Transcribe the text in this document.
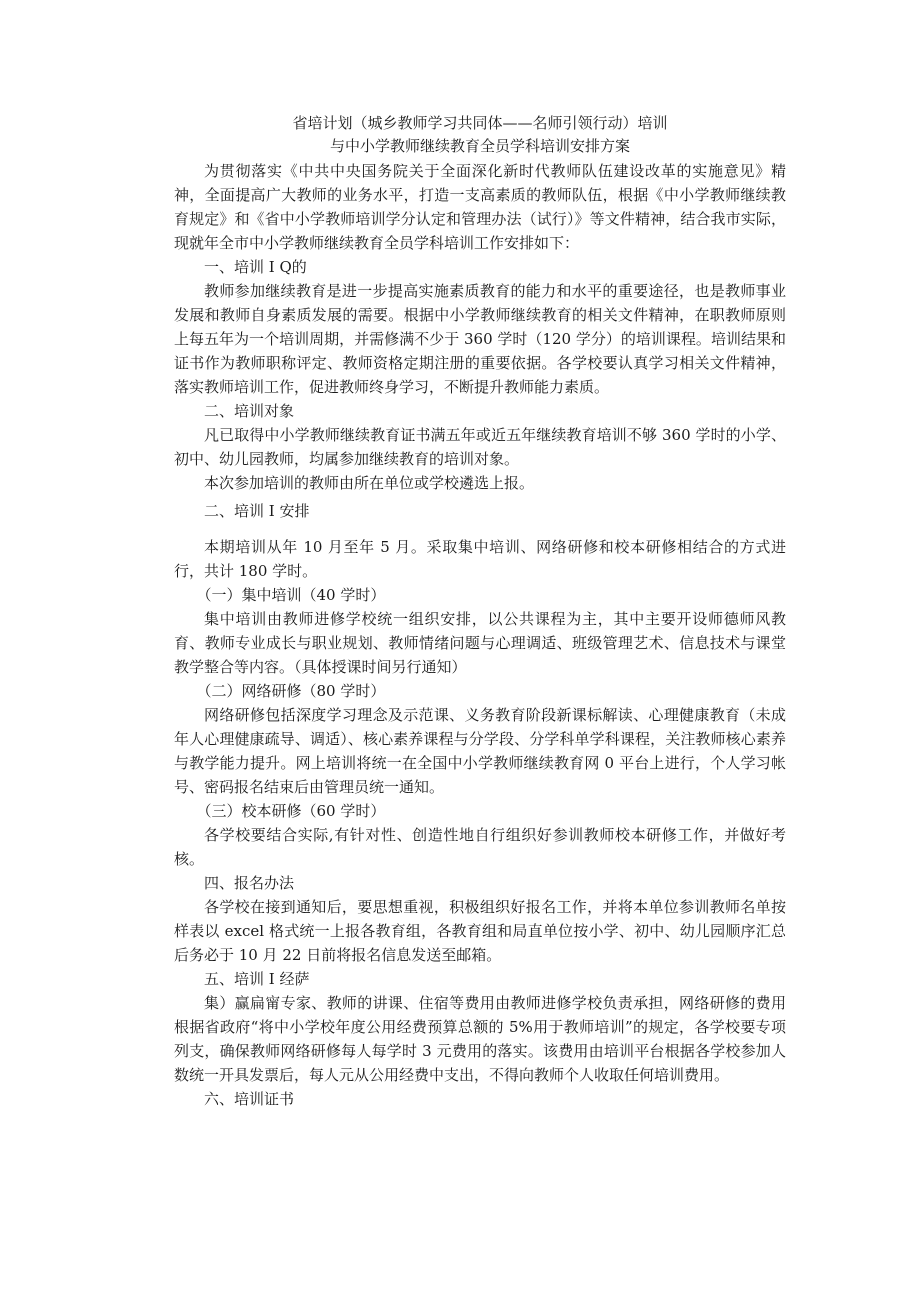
省培计划（城乡教师学习共同体——名师引领行动）培训
与中小学教师继续教育全员学科培训安排方案

为贯彻落实《中共中央国务院关于全面深化新时代教师队伍建设改革的实施意见》精神，全面提高广大教师的业务水平，打造一支高素质的教师队伍，根据《中小学教师继续教育规定》和《省中小学教师培训学分认定和管理办法（试行）》等文件精神，结合我市实际，现就年全市中小学教师继续教育全员学科培训工作安排如下：

一、培训 I Q的

教师参加继续教育是进一步提高实施素质教育的能力和水平的重要途径，也是教师事业发展和教师自身素质发展的需要。根据中小学教师继续教育的相关文件精神，在职教师原则上每五年为一个培训周期，并需修满不少于 360 学时（120 学分）的培训课程。培训结果和证书作为教师职称评定、教师资格定期注册的重要依据。各学校要认真学习相关文件精神，落实教师培训工作，促进教师终身学习，不断提升教师能力素质。

二、培训对象

凡已取得中小学教师继续教育证书满五年或近五年继续教育培训不够 360 学时的小学、初中、幼儿园教师，均属参加继续教育的培训对象。

本次参加培训的教师由所在单位或学校遴选上报。

二、培训 I 安排

本期培训从年 10 月至年 5 月。采取集中培训、网络研修和校本研修相结合的方式进行，共计 180 学时。

（一）集中培训（40 学时）

集中培训由教师进修学校统一组织安排，以公共课程为主，其中主要开设师德师风教育、教师专业成长与职业规划、教师情绪问题与心理调适、班级管理艺术、信息技术与课堂教学整合等内容。（具体授课时间另行通知）

（二）网络研修（80 学时）

网络研修包括深度学习理念及示范课、义务教育阶段新课标解读、心理健康教育（未成年人心理健康疏导、调适）、核心素养课程与分学段、分学科单学科课程，关注教师核心素养与教学能力提升。网上培训将统一在全国中小学教师继续教育网 0 平台上进行，个人学习帐号、密码报名结束后由管理员统一通知。

（三）校本研修（60 学时）

各学校要结合实际,有针对性、创造性地自行组织好参训教师校本研修工作，并做好考核。

四、报名办法

各学校在接到通知后，要思想重视，积极组织好报名工作，并将本单位参训教师名单按样表以 excel 格式统一上报各教育组，各教育组和局直单位按小学、初中、幼儿园顺序汇总后务必于 10 月 22 日前将报名信息发送至邮箱。

五、培训 I 经萨

集）赢扁甯专家、教师的讲课、住宿等费用由教师进修学校负责承担，网络研修的费用根据省政府“将中小学校年度公用经费预算总额的 5%用于教师培训”的规定，各学校要专项列支，确保教师网络研修每人每学时 3 元费用的落实。该费用由培训平台根据各学校参加人数统一开具发票后，每人元从公用经费中支出，不得向教师个人收取任何培训费用。

六、培训证书
